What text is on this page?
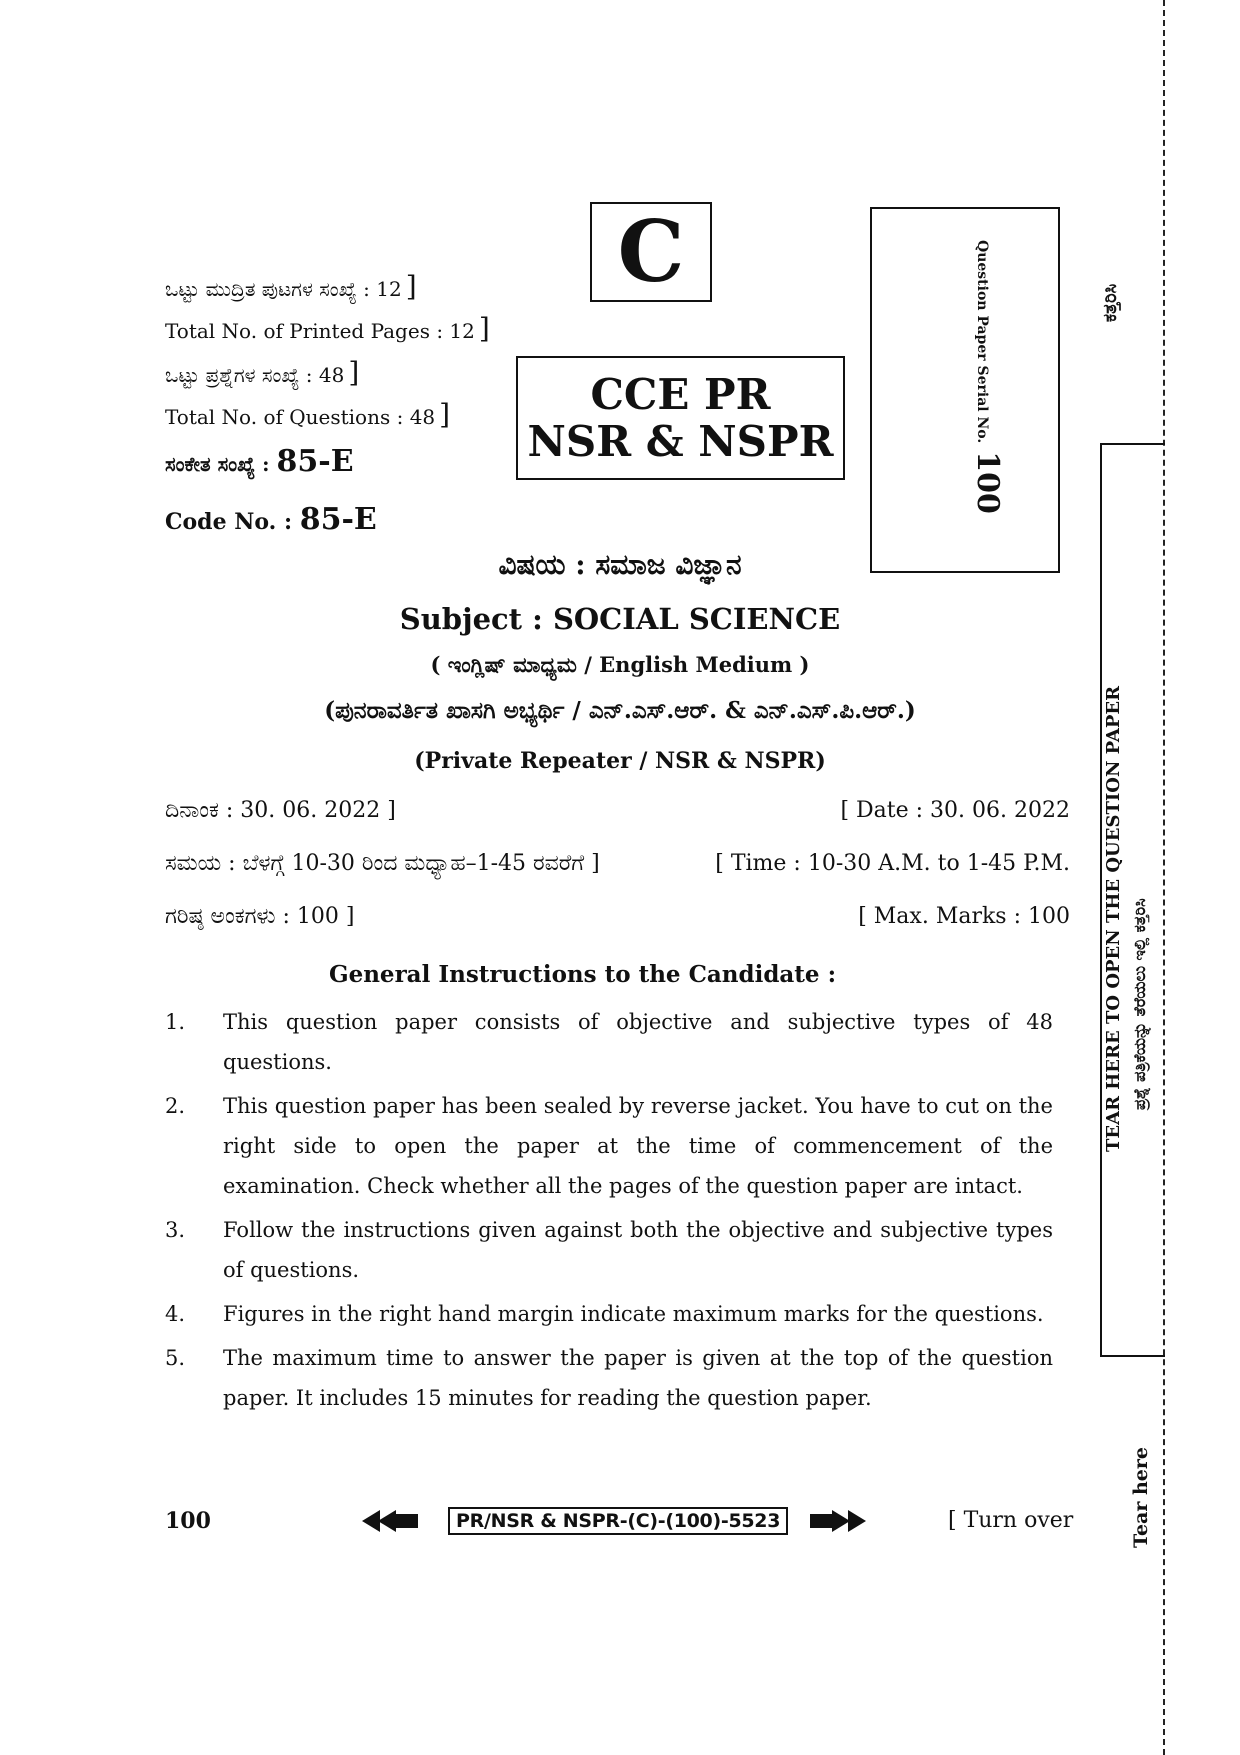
ಒಟ್ಟು ಮುದ್ರಿತ ಪುಟಗಳ ಸಂಖ್ಯೆ : 12 ]
Total No. of Printed Pages : 12 ]
ಒಟ್ಟು ಪ್ರಶ್ನೆಗಳ ಸಂಖ್ಯೆ : 48 ]
Total No. of Questions : 48 ]
ಸಂಕೇತ ಸಂಖ್ಯೆ : 85-E
Code No. : 85-E
C
CCE PR
NSR & NSPR	Question Paper Serial No.100
ವಿಷಯ : ಸಮಾಜ ವಿಜ್ಞಾನ
Subject : SOCIAL SCIENCE
( ಇಂಗ್ಲಿಷ್ ಮಾಧ್ಯಮ / English Medium )
(ಪುನರಾವರ್ತಿತ ಖಾಸಗಿ ಅಭ್ಯರ್ಥಿ / ಎನ್.ಎಸ್.ಆರ್. & ಎನ್.ಎಸ್.ಪಿ.ಆರ್.)
(Private Repeater / NSR & NSPR)
ದಿನಾಂಕ : 30. 06. 2022 ]	[ Date : 30. 06. 2022
ಸಮಯ : ಬೆಳಗ್ಗೆ 10-30 ರಿಂದ ಮಧ್ಯಾಹ–1-45 ರವರೆಗೆ ]	[ Time : 10-30 A.M. to 1-45 P.M.
ಗರಿಷ್ಠ ಅಂಕಗಳು : 100 ]	[ Max. Marks : 100
General Instructions to the Candidate :
1.	This question paper consists of objective and subjective types of 48 questions.
2.	This question paper has been sealed by reverse jacket. You have to cut on the right side to open the paper at the time of commencement of the examination. Check whether all the pages of the question paper are intact.
3.	Follow the instructions given against both the objective and subjective types of questions.
4.	Figures in the right hand margin indicate maximum marks for the questions.
5.	The maximum time to answer the paper is given at the top of the question paper. It includes 15 minutes for reading the question paper.
100	PR/NSR & NSPR-(C)-(100)-5523	[ Turn over
ಕತ್ತರಿಸಿ
TEAR HERE TO OPEN THE QUESTION PAPER ಪ್ರಶ್ನೆ ಪತ್ರಿಕೆಯನ್ನು ತೆರೆಯಲು ಇಲ್ಲಿ ಕತ್ತರಿಸಿ
Tear here
